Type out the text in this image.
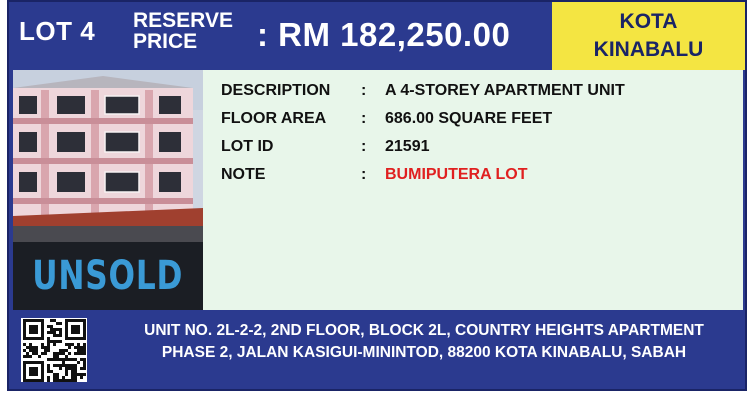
LOT 4 RESERVE
PRICE	: RM 182,250.00	KOTA
KINABALU
UNSOLD
DESCRIPTION	:	A 4-STOREY APARTMENT UNIT
FLOOR AREA	:	686.00 SQUARE FEET
LOT ID	:	21591
NOTE	:	BUMIPUTERA LOT
UNIT NO. 2L-2-2, 2ND FLOOR, BLOCK 2L, COUNTRY HEIGHTS APARTMENT PHASE 2, JALAN KASIGUI-MININTOD, 88200 KOTA KINABALU, SABAH
